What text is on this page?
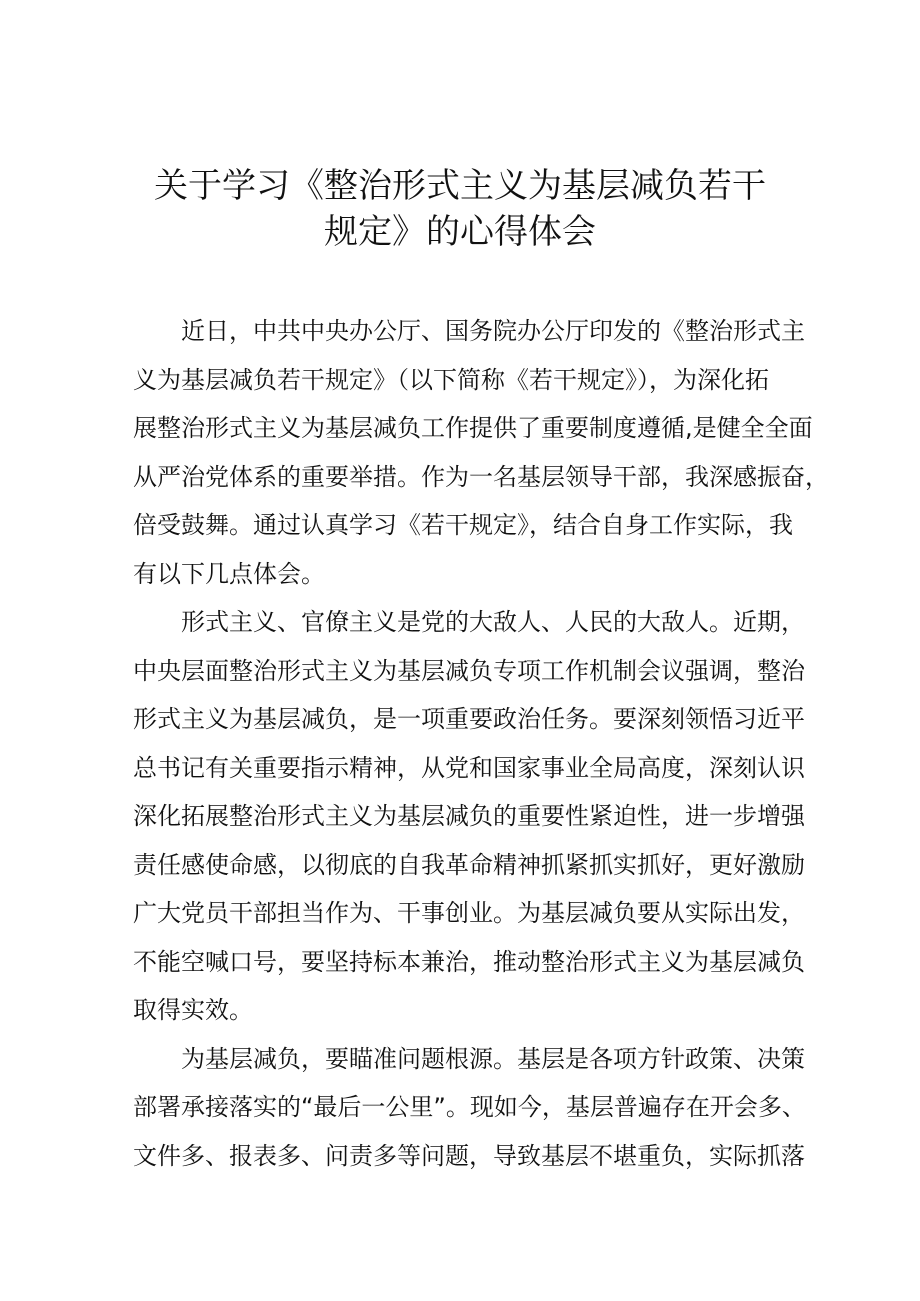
关于学习《整治形式主义为基层减负若干
规定》的心得体会

近日，中共中央办公厅、国务院办公厅印发的《整治形式主
义为基层减负若干规定》（以下简称《若干规定》），为深化拓
展整治形式主义为基层减负工作提供了重要制度遵循,是健全全面
从严治党体系的重要举措。作为一名基层领导干部，我深感振奋，
倍受鼓舞。通过认真学习《若干规定》，结合自身工作实际，我
有以下几点体会。

形式主义、官僚主义是党的大敌人、人民的大敌人。近期，
中央层面整治形式主义为基层减负专项工作机制会议强调，整治
形式主义为基层减负，是一项重要政治任务。要深刻领悟习近平
总书记有关重要指示精神，从党和国家事业全局高度，深刻认识
深化拓展整治形式主义为基层减负的重要性紧迫性，进一步增强
责任感使命感，以彻底的自我革命精神抓紧抓实抓好，更好激励
广大党员干部担当作为、干事创业。为基层减负要从实际出发，
不能空喊口号，要坚持标本兼治，推动整治形式主义为基层减负
取得实效。

为基层减负，要瞄准问题根源。基层是各项方针政策、决策
部署承接落实的“最后一公里”。现如今，基层普遍存在开会多、
文件多、报表多、问责多等问题，导致基层不堪重负，实际抓落
